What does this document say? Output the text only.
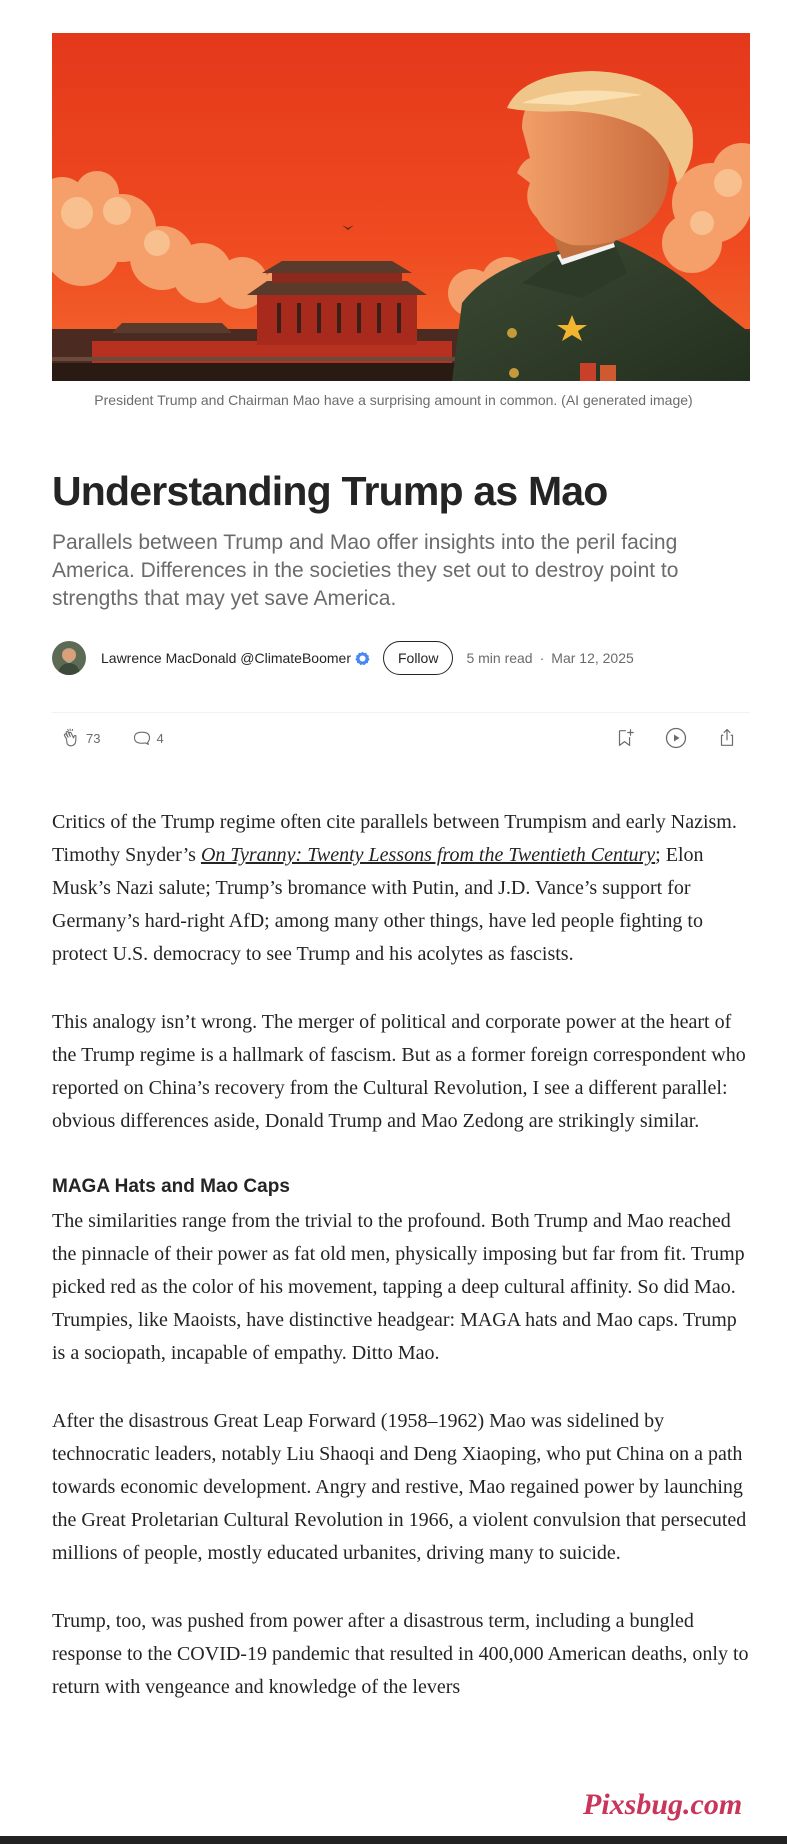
President Trump and Chairman Mao have a surprising amount in common. (AI generated image)

Understanding Trump as Mao

Parallels between Trump and Mao offer insights into the peril facing America. Differences in the societies they set out to destroy point to strengths that may yet save America.

Lawrence MacDonald @ClimateBoomer	Follow	5 min read · Mar 12, 2025
73	4

Critics of the Trump regime often cite parallels between Trumpism and early Nazism. Timothy Snyder’s On Tyranny: Twenty Lessons from the Twentieth Century; Elon Musk’s Nazi salute; Trump’s bromance with Putin, and J.D. Vance’s support for Germany’s hard-right AfD; among many other things, have led people fighting to protect U.S. democracy to see Trump and his acolytes as fascists.

This analogy isn’t wrong. The merger of political and corporate power at the heart of the Trump regime is a hallmark of fascism. But as a former foreign correspondent who reported on China’s recovery from the Cultural Revolution, I see a different parallel: obvious differences aside, Donald Trump and Mao Zedong are strikingly similar.

MAGA Hats and Mao Caps

The similarities range from the trivial to the profound. Both Trump and Mao reached the pinnacle of their power as fat old men, physically imposing but far from fit. Trump picked red as the color of his movement, tapping a deep cultural affinity. So did Mao. Trumpies, like Maoists, have distinctive headgear: MAGA hats and Mao caps. Trump is a sociopath, incapable of empathy. Ditto Mao.

After the disastrous Great Leap Forward (1958–1962) Mao was sidelined by technocratic leaders, notably Liu Shaoqi and Deng Xiaoping, who put China on a path towards economic development. Angry and restive, Mao regained power by launching the Great Proletarian Cultural Revolution in 1966, a violent convulsion that persecuted millions of people, mostly educated urbanites, driving many to suicide.

Trump, too, was pushed from power after a disastrous term, including a bungled response to the COVID-19 pandemic that resulted in 400,000 American deaths, only to return with vengeance and knowledge of the levers

Pixsbug.com
